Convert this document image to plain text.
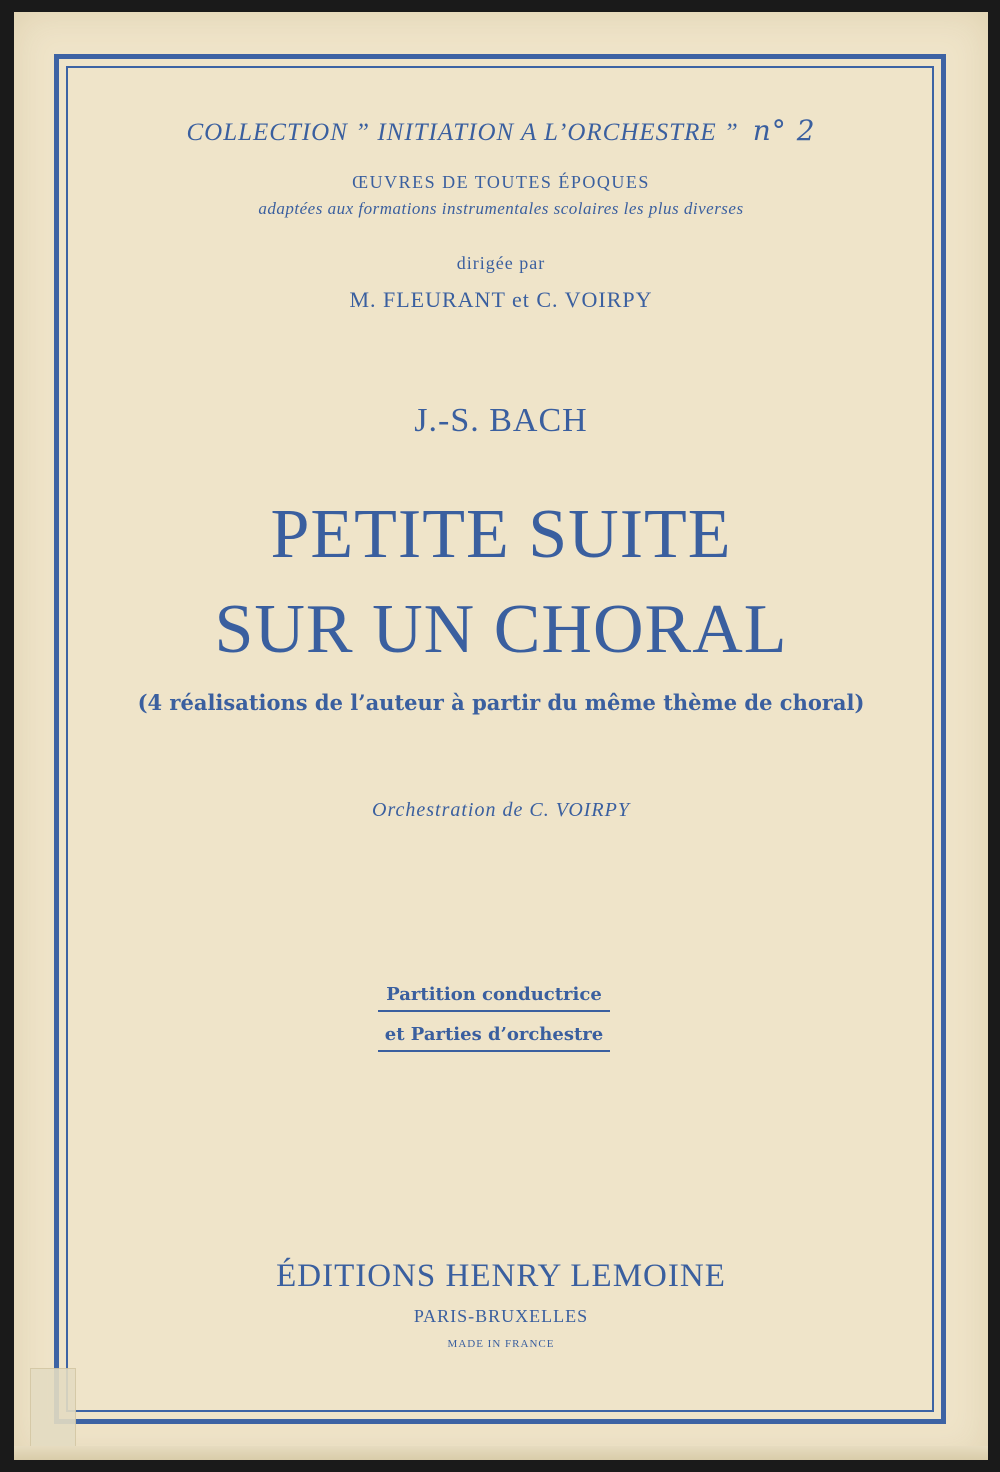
COLLECTION ” INITIATION A L’ORCHESTRE ” n° 2
ŒUVRES DE TOUTES ÉPOQUES
adaptées aux formations instrumentales scolaires les plus diverses
dirigée par
M. FLEURANT et C. VOIRPY
J.-S. BACH
PETITE SUITE
SUR UN CHORAL
(4 réalisations de l’auteur à partir du même thème de choral)
Orchestration de C. VOIRPY
Partition conductrice
et Parties d’orchestre
ÉDITIONS HENRY LEMOINE
PARIS-BRUXELLES
MADE IN FRANCE
